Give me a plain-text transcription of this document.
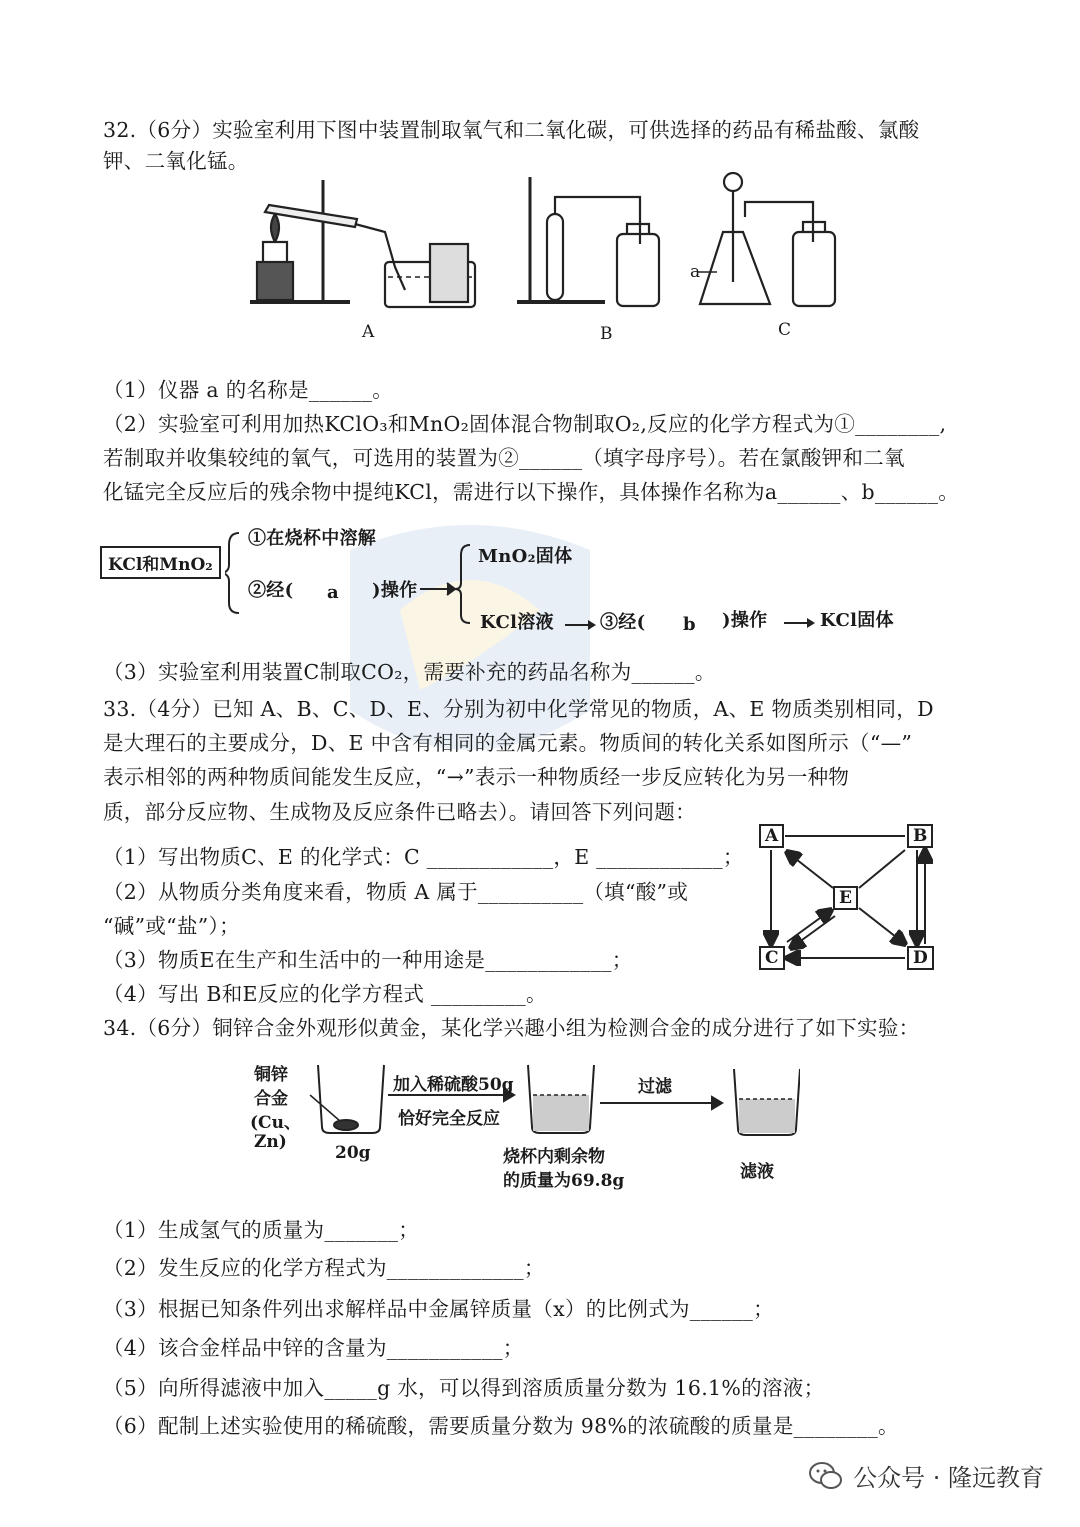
32.（6分）实验室利用下图中装置制取氧气和二氧化碳，可供选择的药品有稀盐酸、氯酸
钾、二氧化锰。
A	B	C
a
（1）仪器 a 的名称是______。
（2）实验室可利用加热KClO₃和MnO₂固体混合物制取O₂,反应的化学方程式为①________,
若制取并收集较纯的氧气，可选用的装置为②______（填字母序号）。若在氯酸钾和二氧
化锰完全反应后的残余物中提纯KCl，需进行以下操作，具体操作名称为a______、b______。
KCl和MnO₂
①在烧杯中溶解
②经( a )操作
MnO₂固体
KCl溶液	③经( b )操作	KCl固体
（3）实验室利用装置C制取CO₂，需要补充的药品名称为______。
33.（4分）已知 A、B、C、D、E、分别为初中化学常见的物质，A、E 物质类别相同，D
是大理石的主要成分，D、E 中含有相同的金属元素。物质间的转化关系如图所示（“—”
表示相邻的两种物质间能发生反应，“→”表示一种物质经一步反应转化为另一种物
质，部分反应物、生成物及反应条件已略去）。请回答下列问题：
（1）写出物质C、E 的化学式：C ____________，E ____________；
（2）从物质分类角度来看，物质 A 属于__________（填“酸”或
“碱”或“盐”）；
（3）物质E在生产和生活中的一种用途是____________；
（4）写出 B和E反应的化学方程式 _________。
A	B
E
C	D
34.（6分）铜锌合金外观形似黄金，某化学兴趣小组为检测合金的成分进行了如下实验：
铜锌
合金
(Cu、
Zn)
20g
加入稀硫酸50g
恰好完全反应
烧杯内剩余物
的质量为69.8g
过滤
滤液
（1）生成氢气的质量为_______；
（2）发生反应的化学方程式为_____________；
（3）根据已知条件列出求解样品中金属锌质量（x）的比例式为______；
（4）该合金样品中锌的含量为___________；
（5）向所得滤液中加入_____g 水，可以得到溶质质量分数为 16.1%的溶液；
（6）配制上述实验使用的稀硫酸，需要质量分数为 98%的浓硫酸的质量是________。
公众号 · 隆远教育
